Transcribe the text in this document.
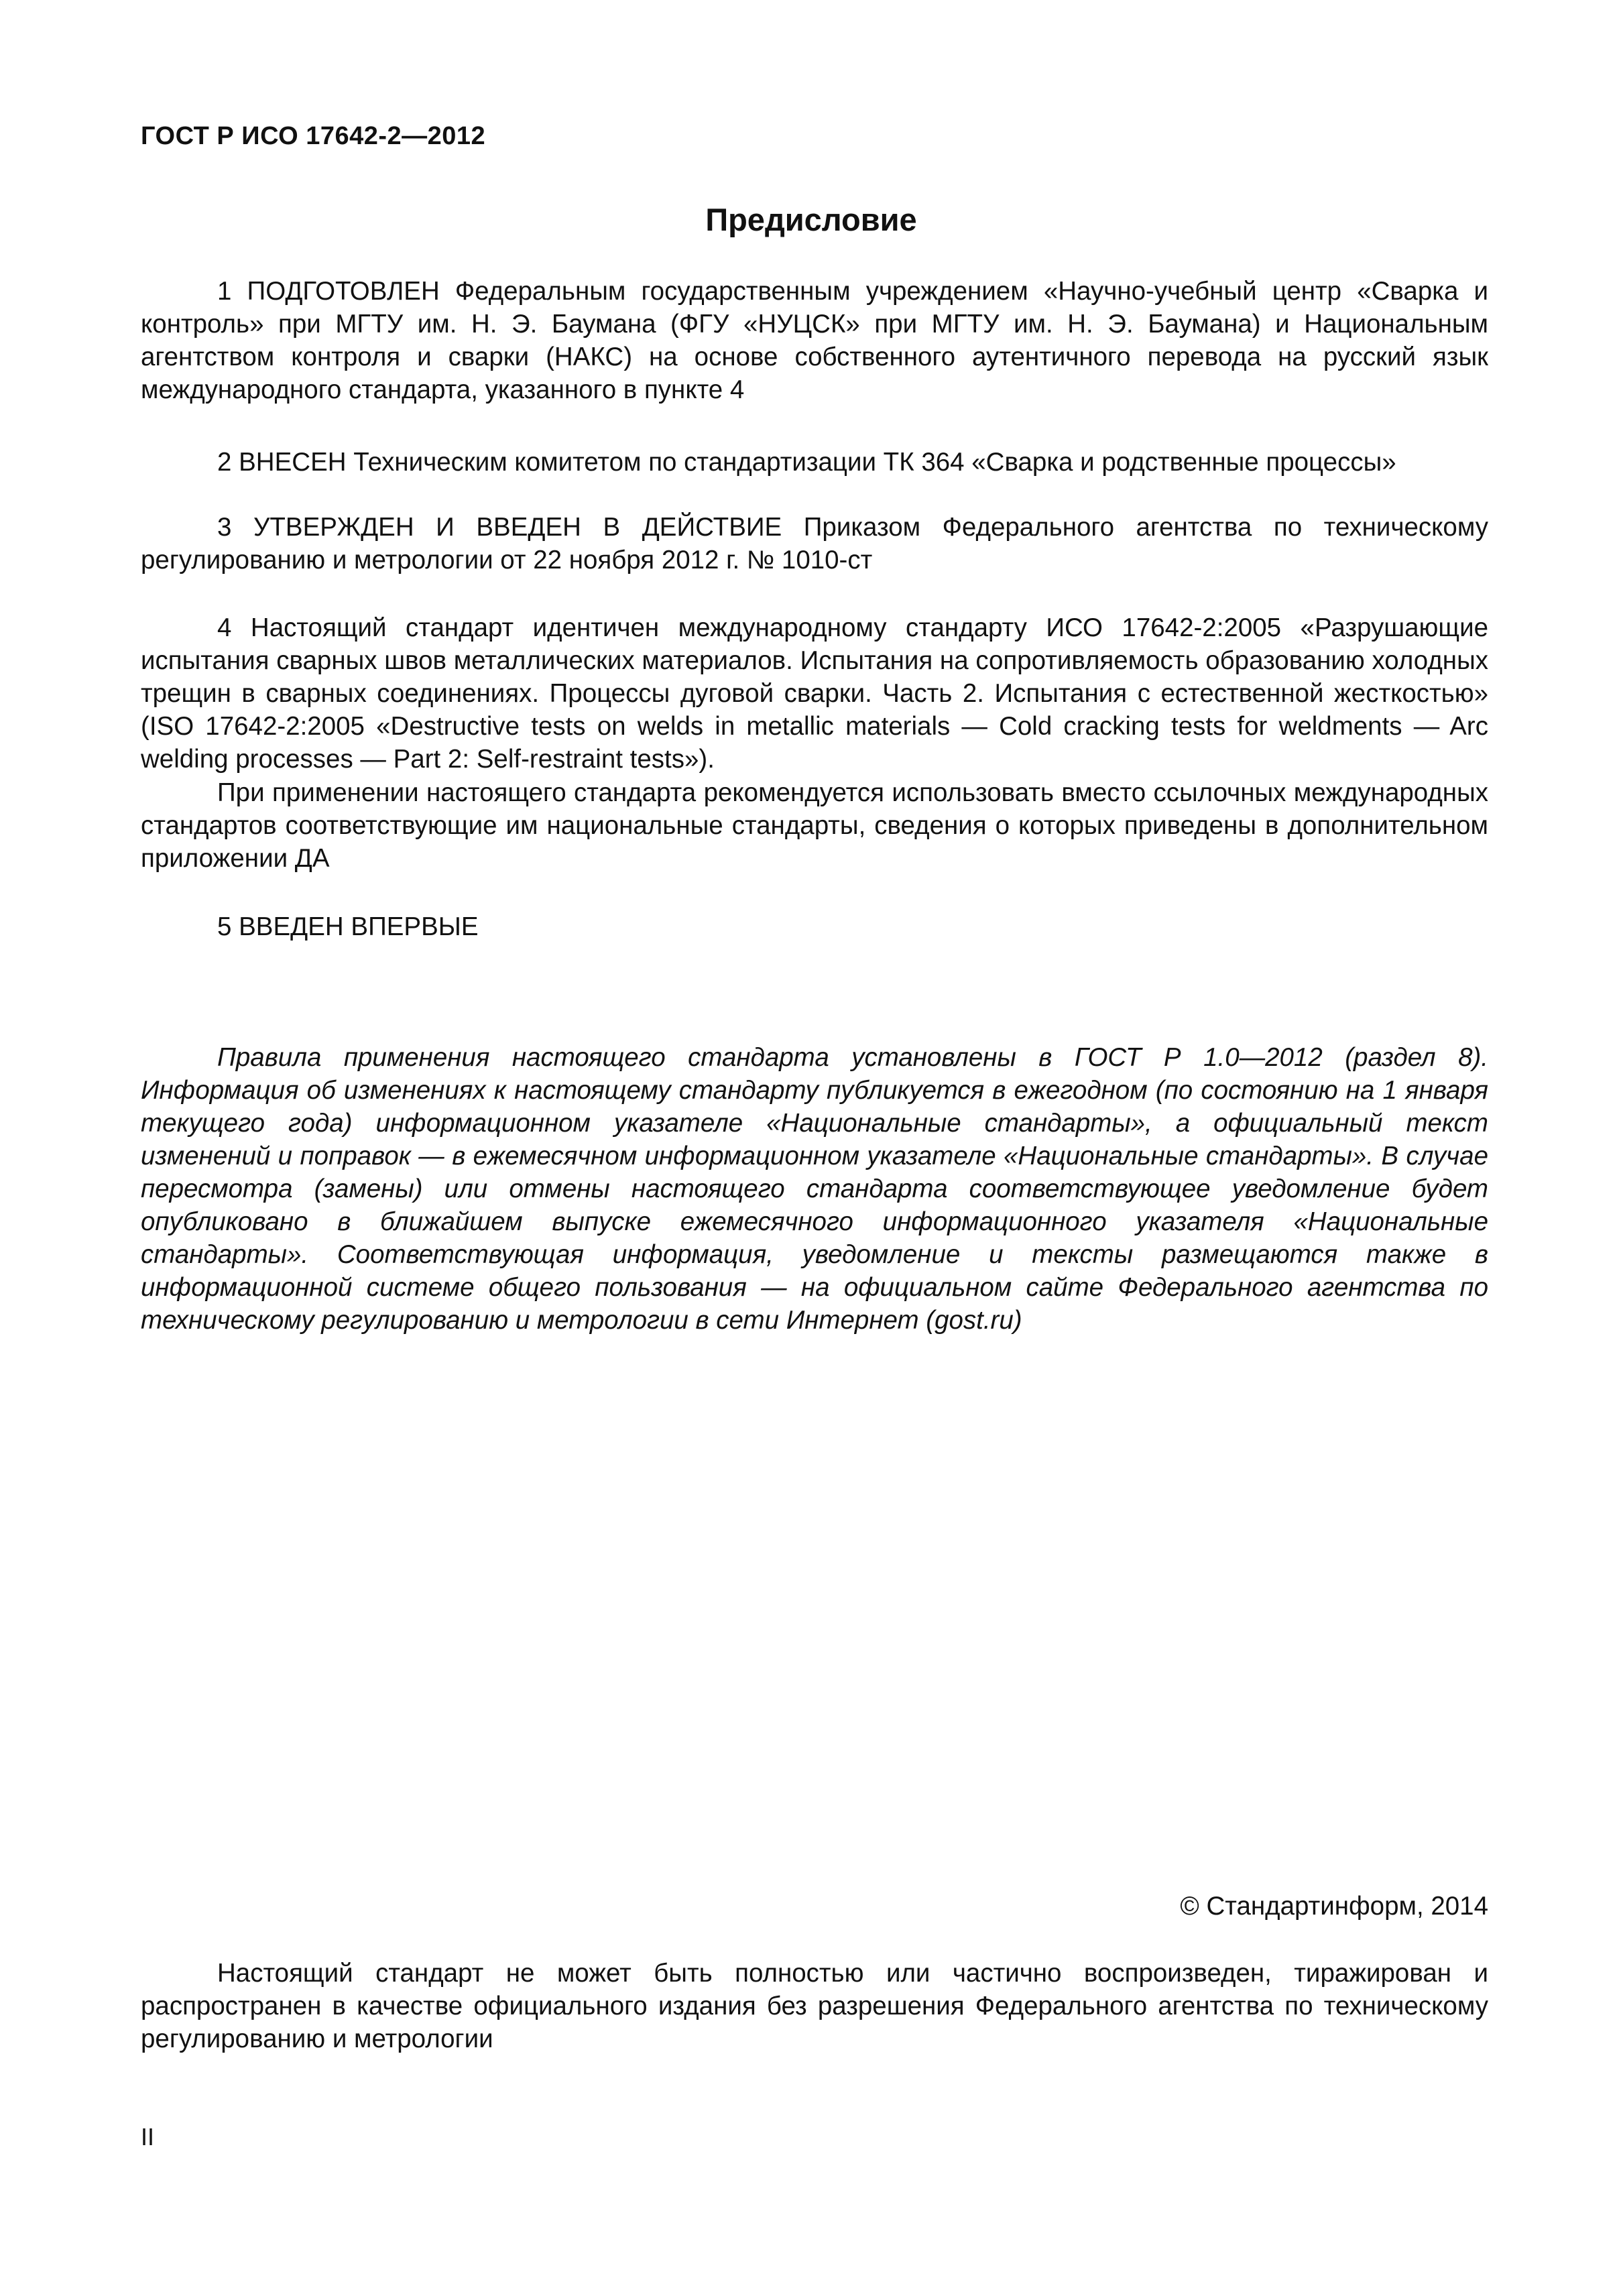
ГОСТ Р ИСО 17642-2—2012

Предисловие

1 ПОДГОТОВЛЕН Федеральным государственным учреждением «Научно-учебный центр «Сварка и контроль» при МГТУ им. Н. Э. Баумана (ФГУ «НУЦСК» при МГТУ им. Н. Э. Баумана) и Национальным агентством контроля и сварки (НАКС) на основе собственного аутентичного перевода на русский язык международного стандарта, указанного в пункте 4

2 ВНЕСЕН Техническим комитетом по стандартизации ТК 364 «Сварка и родственные процессы»

3 УТВЕРЖДЕН И ВВЕДЕН В ДЕЙСТВИЕ Приказом Федерального агентства по техническому регулированию и метрологии от 22 ноября 2012 г. № 1010-ст

4 Настоящий стандарт идентичен международному стандарту ИСО 17642-2:2005 «Разрушающие испытания сварных швов металлических материалов. Испытания на сопротивляемость образованию холодных трещин в сварных соединениях. Процессы дуговой сварки. Часть 2. Испытания с естественной жесткостью» (ISO 17642-2:2005 «Destructive tests on welds in metallic materials — Cold cracking tests for weldments — Arc welding processes — Part 2: Self-restraint tests»).

При применении настоящего стандарта рекомендуется использовать вместо ссылочных международных стандартов соответствующие им национальные стандарты, сведения о которых приведены в дополнительном приложении ДА

5 ВВЕДЕН ВПЕРВЫЕ

Правила применения настоящего стандарта установлены в ГОСТ Р 1.0—2012 (раздел 8). Информация об изменениях к настоящему стандарту публикуется в ежегодном (по состоянию на 1 января текущего года) информационном указателе «Национальные стандарты», а официальный текст изменений и поправок — в ежемесячном информационном указателе «Национальные стандарты». В случае пересмотра (замены) или отмены настоящего стандарта соответствующее уведомление будет опубликовано в ближайшем выпуске ежемесячного информационного указателя «Национальные стандарты». Соответствующая информация, уведомление и тексты размещаются также в информационной системе общего пользования — на официальном сайте Федерального агентства по техническому регулированию и метрологии в сети Интернет (gost.ru)

© Стандартинформ, 2014

Настоящий стандарт не может быть полностью или частично воспроизведен, тиражирован и распространен в качестве официального издания без разрешения Федерального агентства по техническому регулированию и метрологии

II
